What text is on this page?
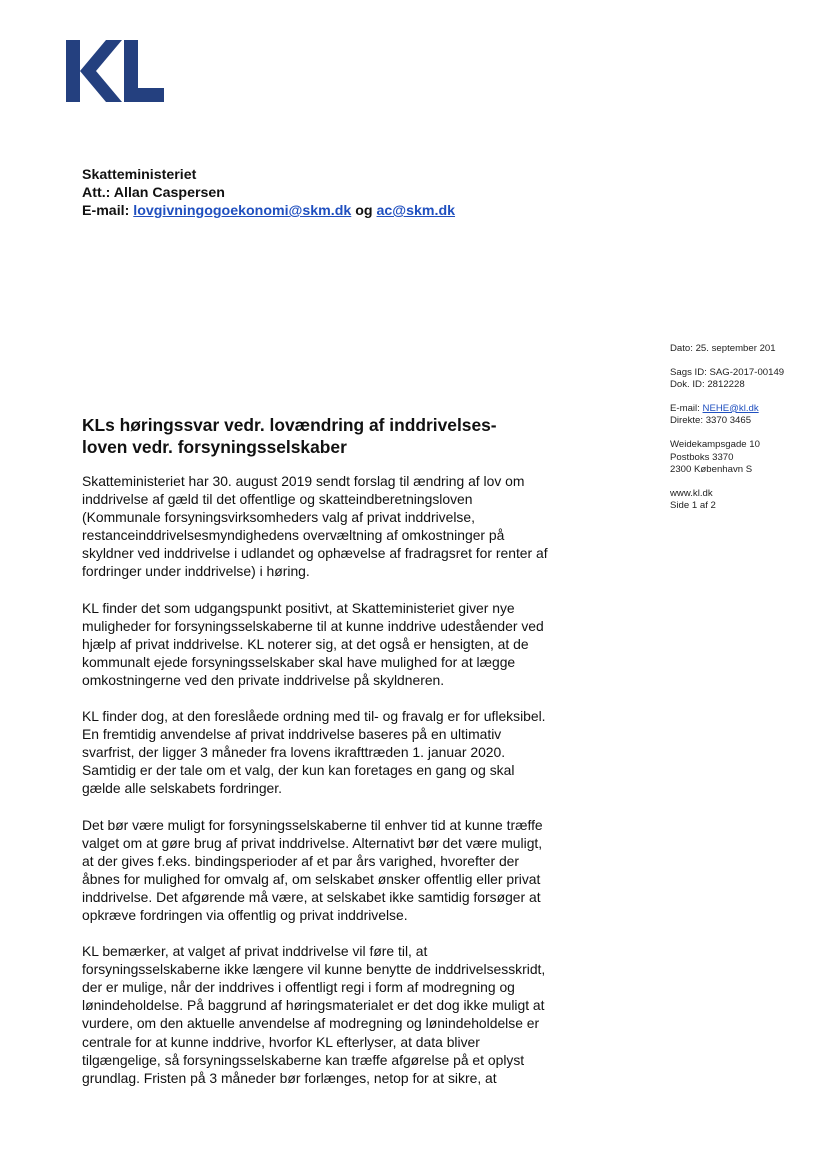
Skatteministeriet
Att.: Allan Caspersen
E-mail: lovgivningogoekonomi@skm.dk og ac@skm.dk
Dato: 25. september 201
Sags ID: SAG-2017-00149
Dok. ID: 2812228
E-mail: NEHE@kl.dk
Direkte: 3370 3465
Weidekampsgade 10
Postboks 3370
2300 København S
www.kl.dk
Side 1 af 2
KLs høringssvar vedr. lovændring af inddrivelses-
loven vedr. forsyningsselskaber

Skatteministeriet har 30. august 2019 sendt forslag til ændring af lov om
inddrivelse af gæld til det offentlige og skatteindberetningsloven
(Kommunale forsyningsvirksomheders valg af privat inddrivelse,
restanceinddrivelsesmyndighedens overvæltning af omkostninger på
skyldner ved inddrivelse i udlandet og ophævelse af fradragsret for renter af
fordringer under inddrivelse) i høring.

KL finder det som udgangspunkt positivt, at Skatteministeriet giver nye
muligheder for forsyningsselskaberne til at kunne inddrive udeståender ved
hjælp af privat inddrivelse. KL noterer sig, at det også er hensigten, at de
kommunalt ejede forsyningsselskaber skal have mulighed for at lægge
omkostningerne ved den private inddrivelse på skyldneren.

KL finder dog, at den foreslåede ordning med til- og fravalg er for ufleksibel.
En fremtidig anvendelse af privat inddrivelse baseres på en ultimativ
svarfrist, der ligger 3 måneder fra lovens ikrafttræden 1. januar 2020.
Samtidig er der tale om et valg, der kun kan foretages en gang og skal
gælde alle selskabets fordringer.

Det bør være muligt for forsyningsselskaberne til enhver tid at kunne træffe
valget om at gøre brug af privat inddrivelse. Alternativt bør det være muligt,
at der gives f.eks. bindingsperioder af et par års varighed, hvorefter der
åbnes for mulighed for omvalg af, om selskabet ønsker offentlig eller privat
inddrivelse. Det afgørende må være, at selskabet ikke samtidig forsøger at
opkræve fordringen via offentlig og privat inddrivelse.

KL bemærker, at valget af privat inddrivelse vil føre til, at
forsyningsselskaberne ikke længere vil kunne benytte de inddrivelsesskridt,
der er mulige, når der inddrives i offentligt regi i form af modregning og
lønindeholdelse. På baggrund af høringsmaterialet er det dog ikke muligt at
vurdere, om den aktuelle anvendelse af modregning og lønindeholdelse er
centrale for at kunne inddrive, hvorfor KL efterlyser, at data bliver
tilgængelige, så forsyningsselskaberne kan træffe afgørelse på et oplyst
grundlag. Fristen på 3 måneder bør forlænges, netop for at sikre, at
